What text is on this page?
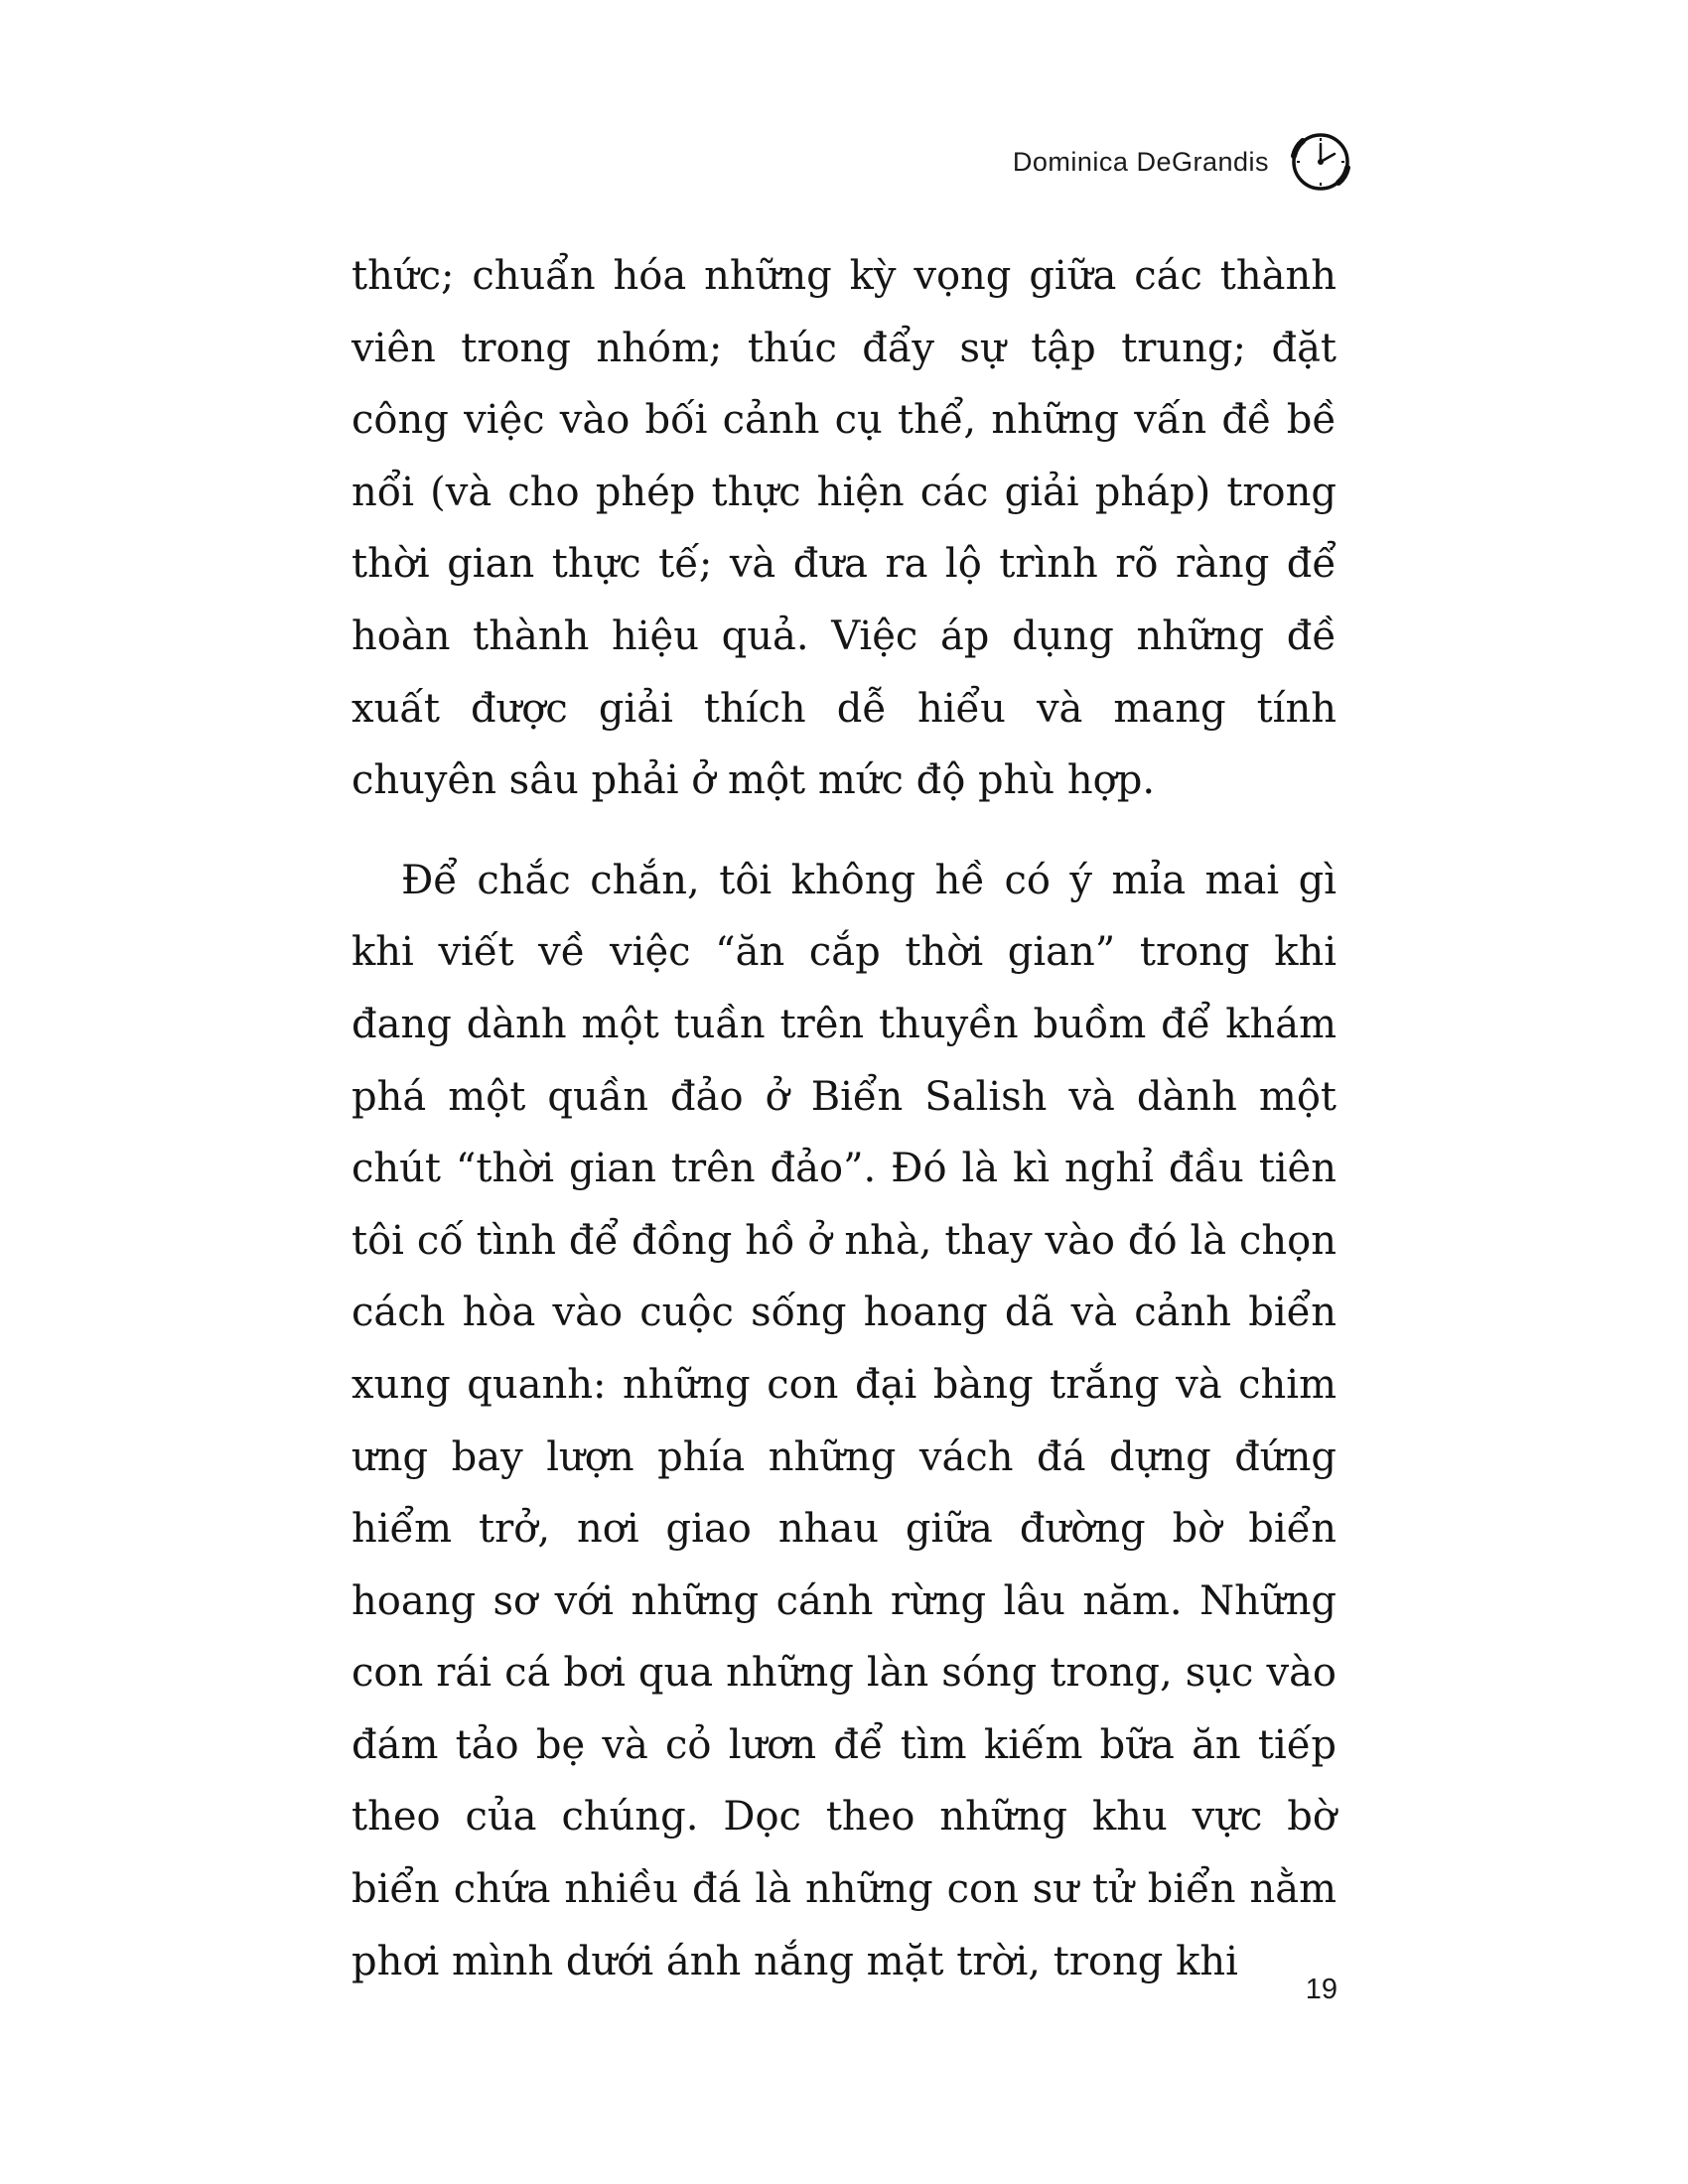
Dominica DeGrandis

thức; chuẩn hóa những kỳ vọng giữa các thành viên trong nhóm; thúc đẩy sự tập trung; đặt công việc vào bối cảnh cụ thể, những vấn đề bề nổi (và cho phép thực hiện các giải pháp) trong thời gian thực tế; và đưa ra lộ trình rõ ràng để hoàn thành hiệu quả. Việc áp dụng những đề xuất được giải thích dễ hiểu và mang tính chuyên sâu phải ở một mức độ phù hợp.

Để chắc chắn, tôi không hề có ý mỉa mai gì khi viết về việc “ăn cắp thời gian” trong khi đang dành một tuần trên thuyền buồm để khám phá một quần đảo ở Biển Salish và dành một chút “thời gian trên đảo”. Đó là kì nghỉ đầu tiên tôi cố tình để đồng hồ ở nhà, thay vào đó là chọn cách hòa vào cuộc sống hoang dã và cảnh biển xung quanh: những con đại bàng trắng và chim ưng bay lượn phía những vách đá dựng đứng hiểm trở, nơi giao nhau giữa đường bờ biển hoang sơ với những cánh rừng lâu năm. Những con rái cá bơi qua những làn sóng trong, sục vào đám tảo bẹ và cỏ lươn để tìm kiếm bữa ăn tiếp theo của chúng. Dọc theo những khu vực bờ biển chứa nhiều đá là những con sư tử biển nằm phơi mình dưới ánh nắng mặt trời, trong khi

19
